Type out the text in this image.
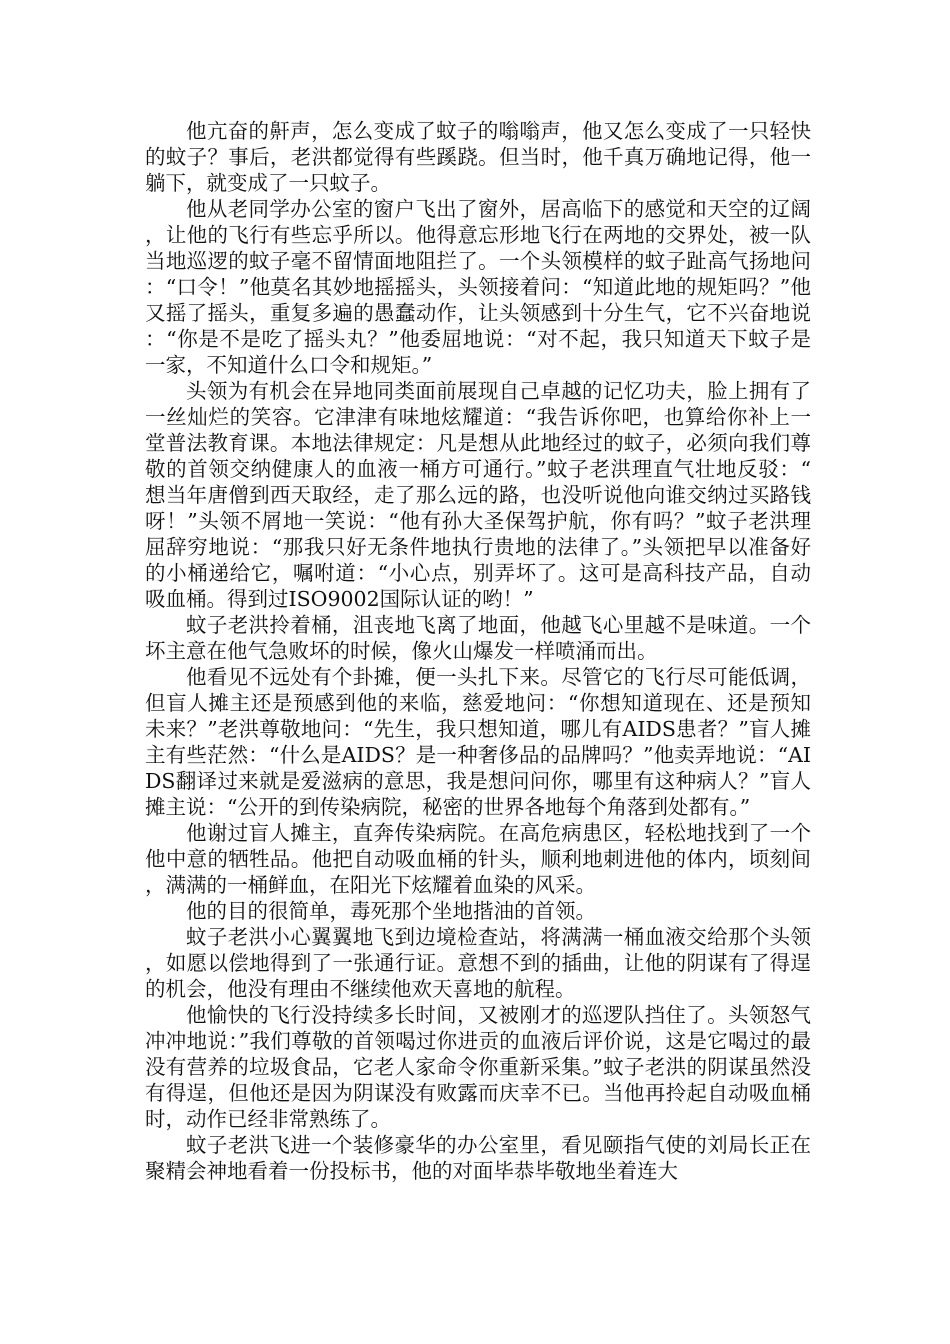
他亢奋的鼾声，怎么变成了蚊子的嗡嗡声，他又怎么变成了一只轻快的蚊子？事后，老洪都觉得有些蹊跷。但当时，他千真万确地记得，他一躺下，就变成了一只蚊子。

他从老同学办公室的窗户飞出了窗外，居高临下的感觉和天空的辽阔，让他的飞行有些忘乎所以。他得意忘形地飞行在两地的交界处，被一队当地巡逻的蚊子毫不留情面地阻拦了。一个头领模样的蚊子趾高气扬地问：“口令！”他莫名其妙地摇摇头，头领接着问：“知道此地的规矩吗？”他又摇了摇头，重复多遍的愚蠢动作，让头领感到十分生气，它不兴奋地说：“你是不是吃了摇头丸？”他委屈地说：“对不起，我只知道天下蚊子是一家，不知道什么口令和规矩。”

头领为有机会在异地同类面前展现自己卓越的记忆功夫，脸上拥有了一丝灿烂的笑容。它津津有味地炫耀道：“我告诉你吧，也算给你补上一堂普法教育课。本地法律规定：凡是想从此地经过的蚊子，必须向我们尊敬的首领交纳健康人的血液一桶方可通行。”蚊子老洪理直气壮地反驳：“想当年唐僧到西天取经，走了那么远的路，也没听说他向谁交纳过买路钱呀！”头领不屑地一笑说：“他有孙大圣保驾护航，你有吗？”蚊子老洪理屈辞穷地说：“那我只好无条件地执行贵地的法律了。”头领把早以准备好的小桶递给它，嘱咐道：“小心点，别弄坏了。这可是高科技产品，自动吸血桶。得到过ISO9002国际认证的哟！”

蚊子老洪拎着桶，沮丧地飞离了地面，他越飞心里越不是味道。一个坏主意在他气急败坏的时候，像火山爆发一样喷涌而出。

他看见不远处有个卦摊，便一头扎下来。尽管它的飞行尽可能低调，但盲人摊主还是预感到他的来临，慈爱地问：“你想知道现在、还是预知未来？”老洪尊敬地问：“先生，我只想知道，哪儿有AIDS患者？”盲人摊主有些茫然：“什么是AIDS？是一种奢侈品的品牌吗？”他卖弄地说：“AIDS翻译过来就是爱滋病的意思，我是想问问你，哪里有这种病人？”盲人摊主说：“公开的到传染病院，秘密的世界各地每个角落到处都有。”

他谢过盲人摊主，直奔传染病院。在高危病患区，轻松地找到了一个他中意的牺牲品。他把自动吸血桶的针头，顺利地刺进他的体内，顷刻间，满满的一桶鲜血，在阳光下炫耀着血染的风采。

他的目的很简单，毒死那个坐地揩油的首领。

蚊子老洪小心翼翼地飞到边境检查站，将满满一桶血液交给那个头领，如愿以偿地得到了一张通行证。意想不到的插曲，让他的阴谋有了得逞的机会，他没有理由不继续他欢天喜地的航程。

他愉快的飞行没持续多长时间，又被刚才的巡逻队挡住了。头领怒气冲冲地说：”我们尊敬的首领喝过你进贡的血液后评价说，这是它喝过的最没有营养的垃圾食品，它老人家命令你重新采集。”蚊子老洪的阴谋虽然没有得逞，但他还是因为阴谋没有败露而庆幸不已。当他再拎起自动吸血桶时，动作已经非常熟练了。

蚊子老洪飞进一个装修豪华的办公室里，看见颐指气使的刘局长正在聚精会神地看着一份投标书，他的对面毕恭毕敬地坐着连大
